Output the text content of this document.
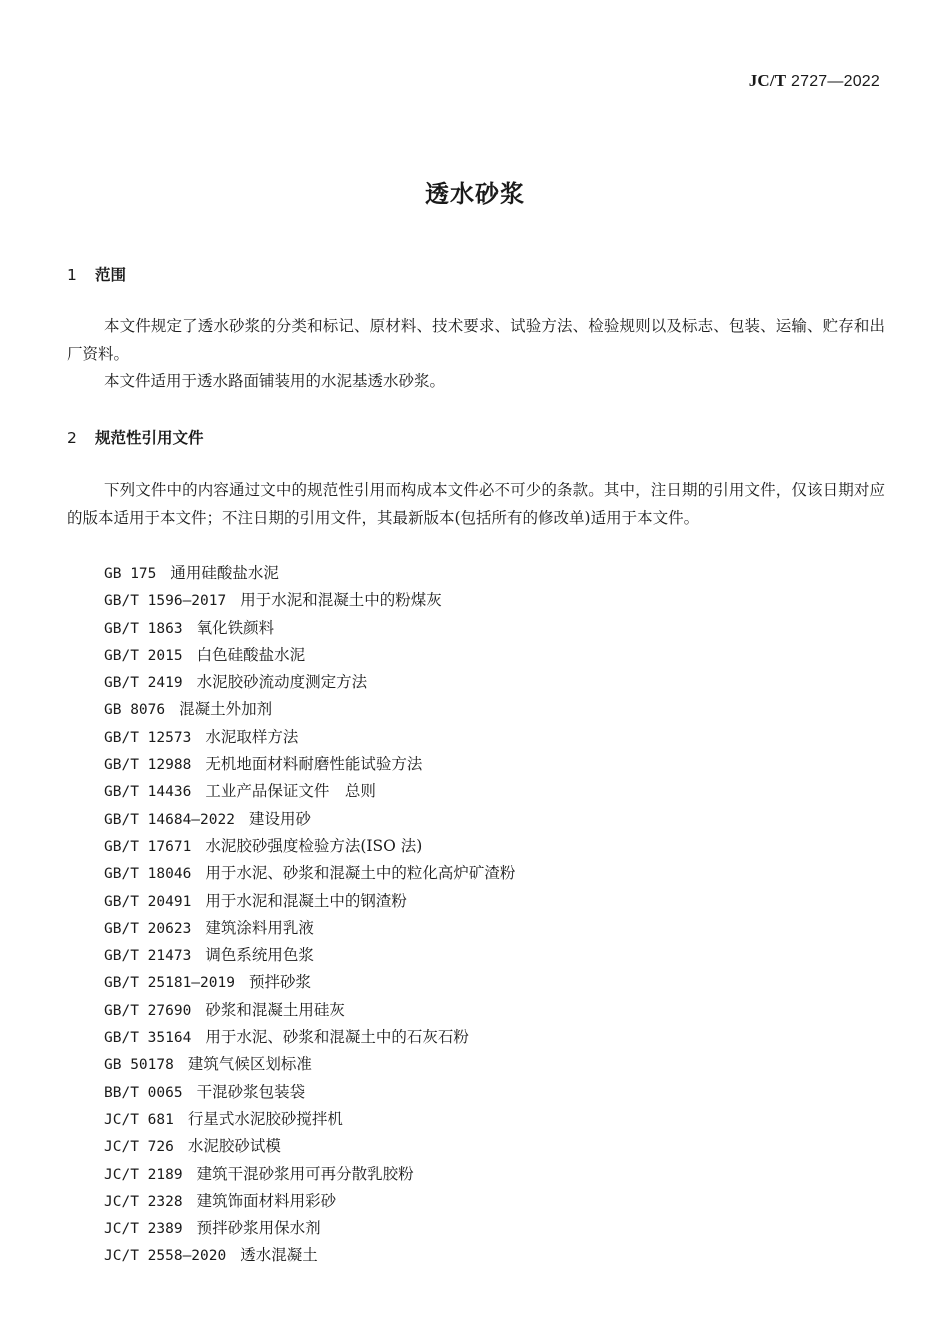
JC/T 2727—2022
透水砂浆
1 范围
本文件规定了透水砂浆的分类和标记、原材料、技术要求、试验方法、检验规则以及标志、包装、运输、贮存和出厂资料。
本文件适用于透水路面铺装用的水泥基透水砂浆。
2 规范性引用文件
下列文件中的内容通过文中的规范性引用而构成本文件必不可少的条款。其中，注日期的引用文件，仅该日期对应的版本适用于本文件；不注日期的引用文件，其最新版本(包括所有的修改单)适用于本文件。
GB 175 通用硅酸盐水泥
GB/T 1596—2017 用于水泥和混凝土中的粉煤灰
GB/T 1863 氧化铁颜料
GB/T 2015 白色硅酸盐水泥
GB/T 2419 水泥胶砂流动度测定方法
GB 8076 混凝土外加剂
GB/T 12573 水泥取样方法
GB/T 12988 无机地面材料耐磨性能试验方法
GB/T 14436 工业产品保证文件　总则
GB/T 14684—2022 建设用砂
GB/T 17671 水泥胶砂强度检验方法(ISO 法)
GB/T 18046 用于水泥、砂浆和混凝土中的粒化高炉矿渣粉
GB/T 20491 用于水泥和混凝土中的钢渣粉
GB/T 20623 建筑涂料用乳液
GB/T 21473 调色系统用色浆
GB/T 25181—2019 预拌砂浆
GB/T 27690 砂浆和混凝土用硅灰
GB/T 35164 用于水泥、砂浆和混凝土中的石灰石粉
GB 50178 建筑气候区划标准
BB/T 0065 干混砂浆包装袋
JC/T 681 行星式水泥胶砂搅拌机
JC/T 726 水泥胶砂试模
JC/T 2189 建筑干混砂浆用可再分散乳胶粉
JC/T 2328 建筑饰面材料用彩砂
JC/T 2389 预拌砂浆用保水剂
JC/T 2558—2020 透水混凝土
